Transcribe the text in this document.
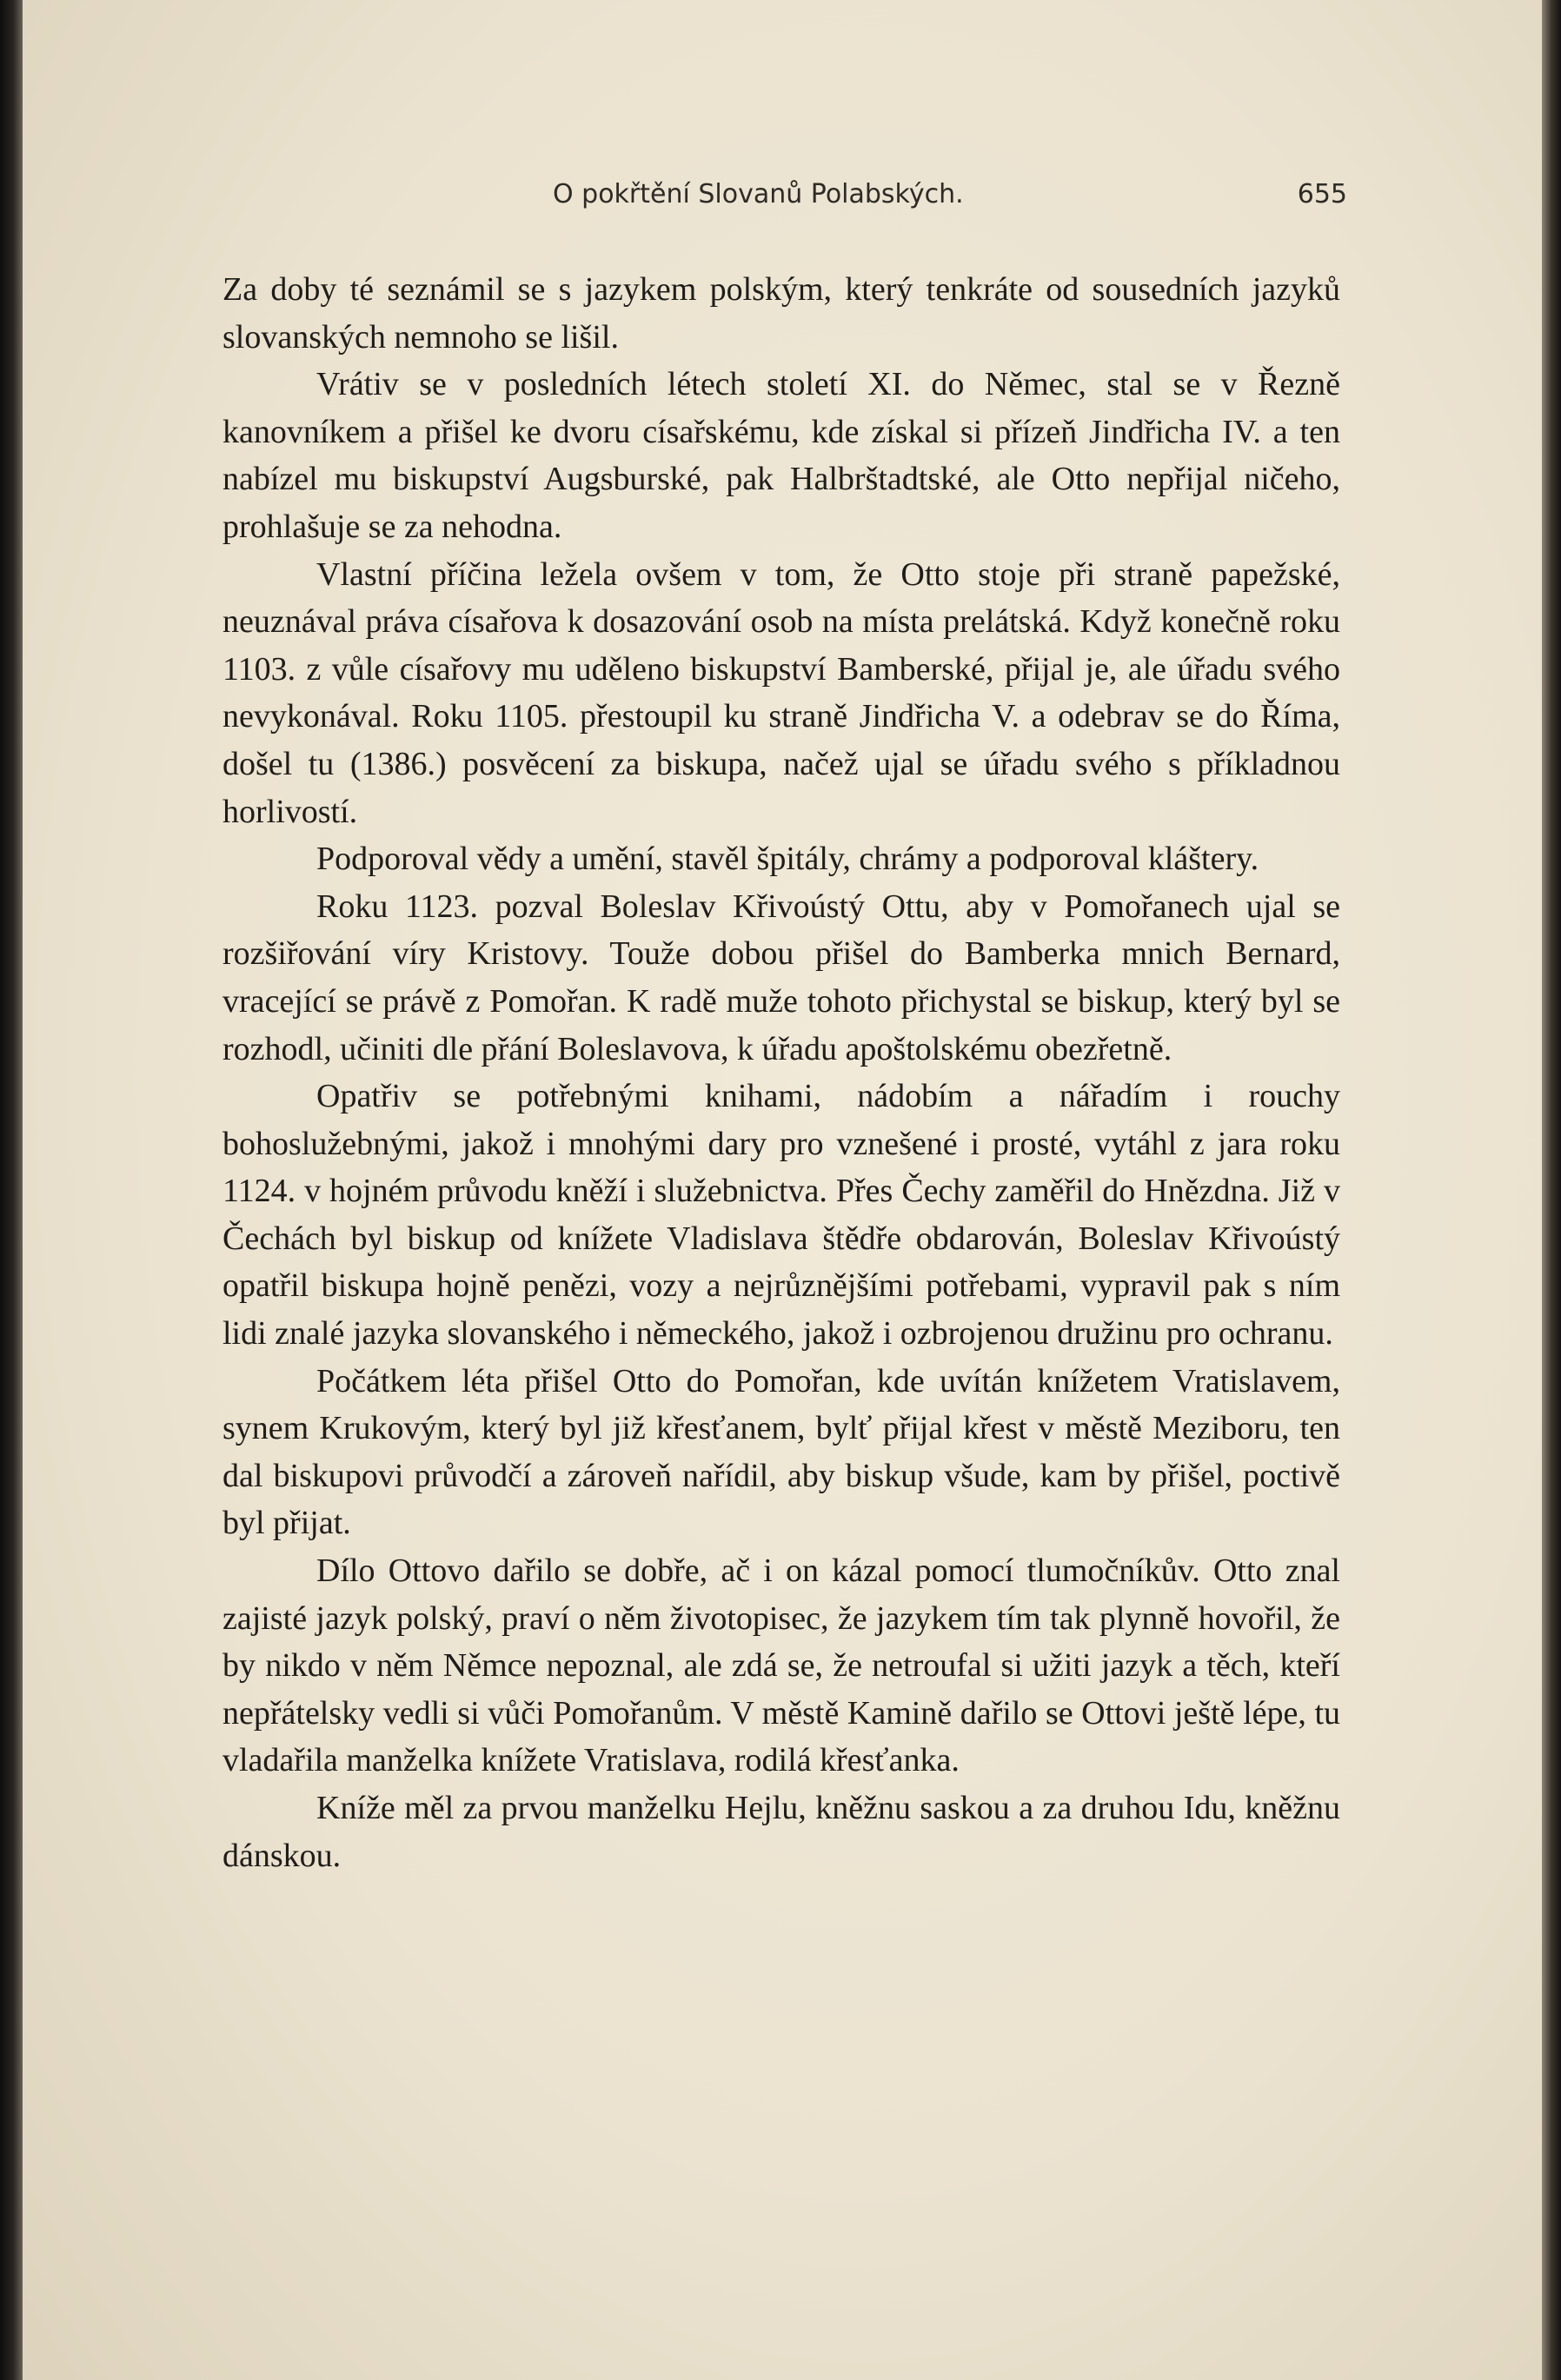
O pokřtění Slovanů Polabských.	655

Za doby té seznámil se s jazykem polským, který tenkráte od sousedních jazyků slovanských nemnoho se lišil.

Vrátiv se v posledních létech století XI. do Němec, stal se v Řezně kanovníkem a přišel ke dvoru císařskému, kde získal si přízeň Jindřicha IV. a ten nabízel mu biskupství Augsburské, pak Halbrštadtské, ale Otto nepřijal ničeho, prohlašuje se za nehodna.

Vlastní příčina ležela ovšem v tom, že Otto stoje při straně papežské, neuznával práva císařova k dosazování osob na místa prelátská. Když konečně roku 1103. z vůle císařovy mu uděleno biskupství Bamberské, přijal je, ale úřadu svého nevykonával. Roku 1105. přestoupil ku straně Jindřicha V. a odebrav se do Říma, došel tu (1386.) posvěcení za biskupa, načež ujal se úřadu svého s příkladnou horlivostí.

Podporoval vědy a umění, stavěl špitály, chrámy a podporoval kláštery.

Roku 1123. pozval Boleslav Křivoústý Ottu, aby v Pomořanech ujal se rozšiřování víry Kristovy. Touže dobou přišel do Bamberka mnich Bernard, vracející se právě z Pomořan. K radě muže tohoto přichystal se biskup, který byl se rozhodl, učiniti dle přání Boleslavova, k úřadu apoštolskému obezřetně.

Opatřiv se potřebnými knihami, nádobím a nářadím i rouchy bohoslužebnými, jakož i mnohými dary pro vznešené i prosté, vytáhl z jara roku 1124. v hojném průvodu kněží i služebnictva. Přes Čechy zaměřil do Hnězdna. Již v Čechách byl biskup od knížete Vladislava štědře obdarován, Boleslav Křivoústý opatřil biskupa hojně penězi, vozy a nejrůznějšími potřebami, vypravil pak s ním lidi znalé jazyka slovanského i německého, jakož i ozbrojenou družinu pro ochranu.

Počátkem léta přišel Otto do Pomořan, kde uvítán knížetem Vratislavem, synem Krukovým, který byl již křesťanem, bylť přijal křest v městě Meziboru, ten dal biskupovi průvodčí a zároveň nařídil, aby biskup všude, kam by přišel, poctivě byl přijat.

Dílo Ottovo dařilo se dobře, ač i on kázal pomocí tlumočníkův. Otto znal zajisté jazyk polský, praví o něm životopisec, že jazykem tím tak plynně hovořil, že by nikdo v něm Němce nepoznal, ale zdá se, že netroufal si užiti jazyk a těch, kteří nepřátelsky vedli si vůči Pomořanům. V městě Kamině dařilo se Ottovi ještě lépe, tu vladařila manželka knížete Vratislava, rodilá křesťanka.

Kníže měl za prvou manželku Hejlu, kněžnu saskou a za druhou Idu, kněžnu dánskou.
